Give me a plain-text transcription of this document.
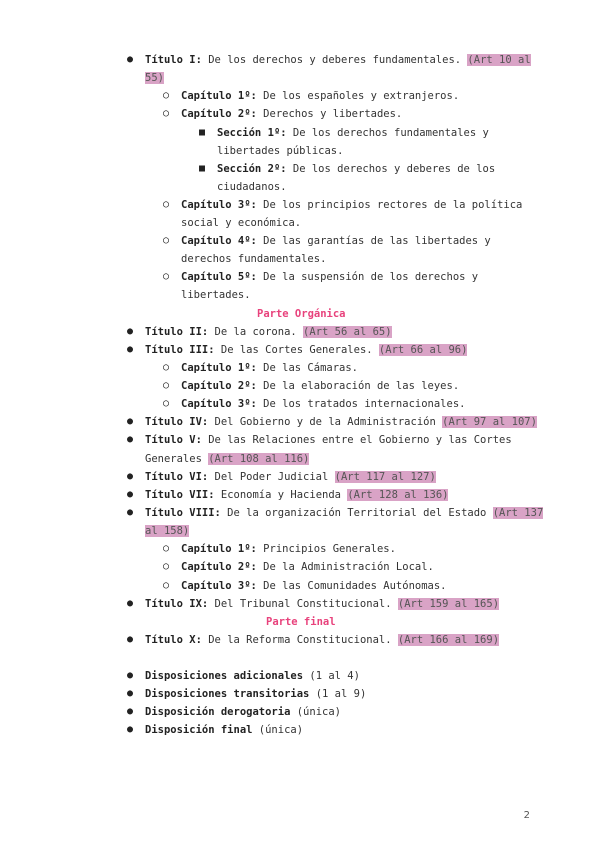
● Título I: De los derechos y deberes fundamentales. (Art 10 al
55)
○ Capítulo 1º: De los españoles y extranjeros.
○ Capítulo 2º: Derechos y libertades.
■ Sección 1º: De los derechos fundamentales y
libertades públicas.
■ Sección 2º: De los derechos y deberes de los
ciudadanos.
○ Capítulo 3º: De los principios rectores de la política
social y económica.
○ Capítulo 4º: De las garantías de las libertades y
derechos fundamentales.
○ Capítulo 5º: De la suspensión de los derechos y
libertades.
Parte Orgánica
● Título II: De la corona. (Art 56 al 65)
● Título III: De las Cortes Generales. (Art 66 al 96)
○ Capítulo 1º: De las Cámaras.
○ Capítulo 2º: De la elaboración de las leyes.
○ Capítulo 3º: De los tratados internacionales.
● Título IV: Del Gobierno y de la Administración (Art 97 al 107)
● Título V: De las Relaciones entre el Gobierno y las Cortes
Generales (Art 108 al 116)
● Título VI: Del Poder Judicial (Art 117 al 127)
● Título VII: Economía y Hacienda (Art 128 al 136)
● Título VIII: De la organización Territorial del Estado (Art 137
al 158)
○ Capítulo 1º: Principios Generales.
○ Capítulo 2º: De la Administración Local.
○ Capítulo 3º: De las Comunidades Autónomas.
● Título IX: Del Tribunal Constitucional. (Art 159 al 165)
Parte final
● Título X: De la Reforma Constitucional. (Art 166 al 169)
● Disposiciones adicionales (1 al 4)
● Disposiciones transitorias (1 al 9)
● Disposición derogatoria (única)
● Disposición final (única)
2
